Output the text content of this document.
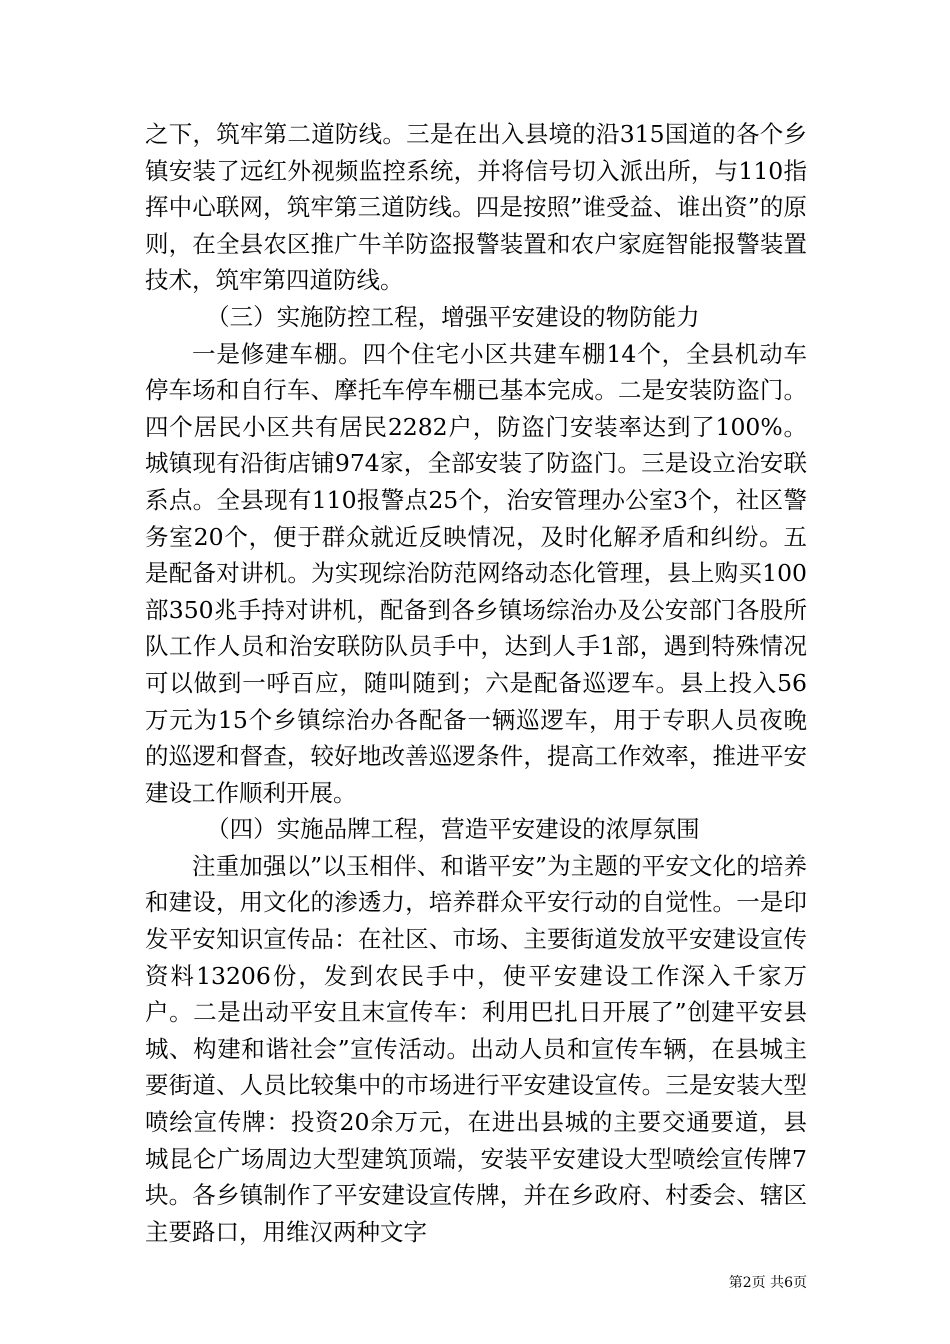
之下，筑牢第二道防线。三是在出入县境的沿315国道的各个乡镇安装了远红外视频监控系统，并将信号切入派出所，与110指挥中心联网，筑牢第三道防线。四是按照”谁受益、谁出资”的原则，在全县农区推广牛羊防盗报警装置和农户家庭智能报警装置技术，筑牢第四道防线。

（三）实施防控工程，增强平安建设的物防能力

一是修建车棚。四个住宅小区共建车棚14个，全县机动车停车场和自行车、摩托车停车棚已基本完成。二是安装防盗门。四个居民小区共有居民2282户，防盗门安装率达到了100%。城镇现有沿街店铺974家，全部安装了防盗门。三是设立治安联系点。全县现有110报警点25个，治安管理办公室3个，社区警务室20个，便于群众就近反映情况，及时化解矛盾和纠纷。五是配备对讲机。为实现综治防范网络动态化管理，县上购买100部350兆手持对讲机，配备到各乡镇场综治办及公安部门各股所队工作人员和治安联防队员手中，达到人手1部，遇到特殊情况可以做到一呼百应，随叫随到；六是配备巡逻车。县上投入56万元为15个乡镇综治办各配备一辆巡逻车，用于专职人员夜晚的巡逻和督查，较好地改善巡逻条件，提高工作效率，推进平安建设工作顺利开展。

（四）实施品牌工程，营造平安建设的浓厚氛围

注重加强以”以玉相伴、和谐平安”为主题的平安文化的培养和建设，用文化的渗透力，培养群众平安行动的自觉性。一是印发平安知识宣传品：在社区、市场、主要街道发放平安建设宣传资料13206份，发到农民手中，使平安建设工作深入千家万户。二是出动平安且末宣传车：利用巴扎日开展了”创建平安县城、构建和谐社会”宣传活动。出动人员和宣传车辆，在县城主要街道、人员比较集中的市场进行平安建设宣传。三是安装大型喷绘宣传牌：投资20余万元，在进出县城的主要交通要道，县城昆仑广场周边大型建筑顶端，安装平安建设大型喷绘宣传牌7块。各乡镇制作了平安建设宣传牌，并在乡政府、村委会、辖区主要路口，用维汉两种文字

第2页 共6页
